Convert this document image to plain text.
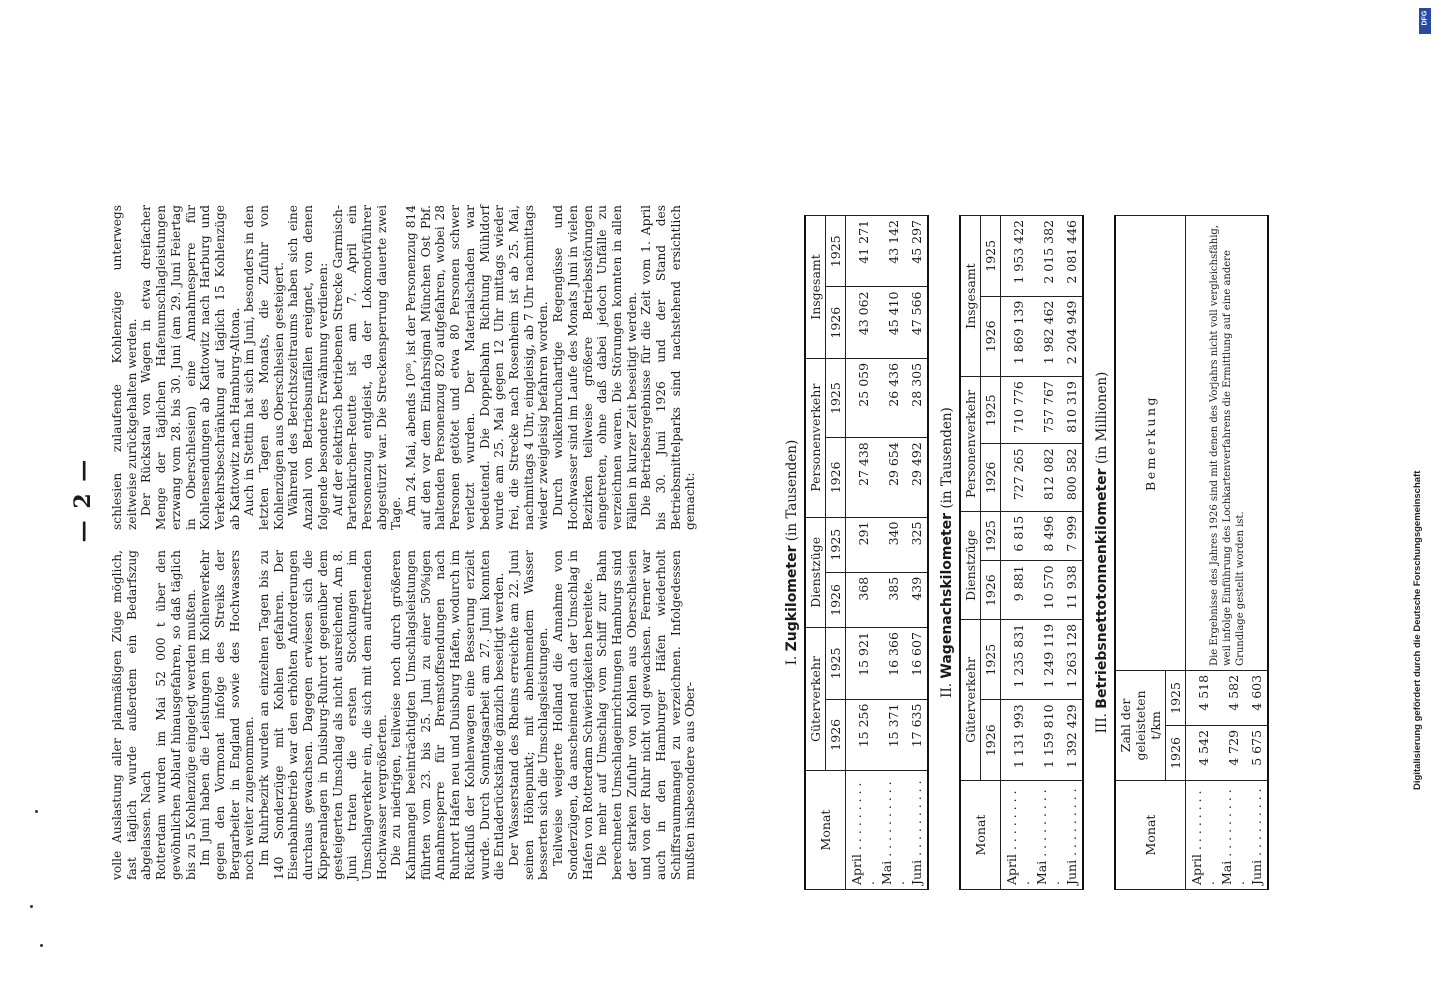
— 2 —

volle Auslastung aller planmäßigen Züge möglich, fast täglich wurde außerdem ein Bedarfszug abgelassen. Nach Rotterdam wurden im Mai 52 000 t über den gewöhnlichen Ablauf hinausgefahren, so daß täglich bis zu 5 Kohlenzüge eingelegt werden mußten. Im Juni haben die Leistungen im Kohlenverkehr gegen den Vormonat infolge des Streiks der Bergarbeiter in England sowie des Hochwassers noch weiter zugenommen. Im Ruhrbezirk wurden an einzelnen Tagen bis zu 140 Sonderzüge mit Kohlen gefahren. Der Eisenbahnbetrieb war den erhöhten Anforderungen durchaus gewachsen. Dagegen erwiesen sich die Kipperanlagen in Duisburg-Ruhrort gegenüber dem gesteigerten Umschlag als nicht ausreichend. Am 8. Juni traten die ersten Stockungen im Umschlagverkehr ein, die sich mit dem auftretenden Hochwasser vergrößerten. Die zu niedrigen, teilweise noch durch größeren Kahnmangel beeinträchtigten Umschlagsleistungen führten vom 23. bis 25. Juni zu einer 50%igen Annahmesperre für Bremstoffsendungen nach Ruhrort Hafen neu und Duisburg Hafen, wodurch im Rückfluß der Kohlenwagen eine Besserung erzielt wurde. Durch Sonntagsarbeit am 27. Juni konnten die Entladerückstände gänzlich beseitigt werden. Der Wasserstand des Rheins erreichte am 22. Juni seinen Höhepunkt; mit abnehmendem Wasser besserten sich die Umschlagsleistungen. Teilweise weigerte Holland die Annahme von Sonderzügen, da anscheinend auch der Umschlag in Hafen von Rotterdam Schwierigkeiten bereitete. Die mehr auf Umschlag vom Schiff zur Bahn berechneten Umschlageinrichtungen Hamburgs sind der starken Zufuhr von Kohlen aus Oberschlesien und von der Ruhr nicht voll gewachsen. Ferner war auch in den Hamburger Häfen wiederholt Schiffsraummangel zu verzeichnen. Infolgedessen mußten insbesondere aus Ober-

schlesien zulaufende Kohlenzüge unterwegs zeitweise zurückgehalten werden. Der Rückstau von Wagen in etwa dreifacher Menge der täglichen Hafenumschlagleistungen erzwang vom 28. bis 30. Juni (am 29. Juni Feiertag in Oberschlesien) eine Annahmesperre für Kohlensendungen ab Kattowitz nach Harburg und Verkehrsbeschränkung auf täglich 15 Kohlenzüge ab Kattowitz nach Hamburg-Altona. Auch in Stettin hat sich im Juni, besonders in den letzten Tagen des Monats, die Zufuhr von Kohlenzügen aus Oberschlesien gesteigert. Während des Berichtszeitraums haben sich eine Anzahl von Betriebsunfällen ereignet, von denen folgende besondere Erwähnung verdienen: Auf der elektrisch betriebenen Strecke Garmisch-Partenkirchen–Reutte ist am 7. April ein Personenzug entgleist, da der Lokomotivführer abgestürzt war. Die Streckensperrung dauerte zwei Tage. Am 24. Mai, abends 10⁵⁰, ist der Personenzug 814 auf den vor dem Einfahrsignal München Ost Pbf. haltenden Personenzug 820 aufgefahren, wobei 28 Personen getötet und etwa 80 Personen schwer verletzt wurden. Der Materialschaden war bedeutend. Die Doppelbahn Richtung Mühldorf wurde am 25. Mai gegen 12 Uhr mittags wieder frei, die Strecke nach Rosenheim ist ab 25. Mai, nachmittags 4 Uhr, eingleisig, ab 7 Uhr nachmittags wieder zweigleisig befahren worden. Durch wolkenbruchartige Regengüsse und Hochwasser sind im Laufe des Monats Juni in vielen Bezirken teilweise größere Betriebsstörungen eingetreten, ohne daß dabei jedoch Unfälle zu verzeichnen waren. Die Störungen konnten in allen Fällen in kurzer Zeit beseitigt werden. Die Betriebsergebnisse für die Zeit vom 1. April bis 30. Juni 1926 und der Stand des Betriebsmittelparks sind nachstehend ersichtlich gemacht:

I. Zugkilometer (in Tausenden)
Monat	Güterverkehr		Dienstzüge		Personenverkehr		Insgesamt	
	1926	1925	1926	1925	1926	1925	1926	1925
April . . . . . . . . . .	15 256	15 921	368	291	27 438	25 059	43 062	41 271
Mai . . . . . . . . . . .	15 371	16 366	385	340	29 654	26 436	45 410	43 142
Juni . . . . . . . . . .	17 635	16 607	439	325	29 492	28 305	47 566	45 297
II. Wagenachskilometer (in Tausenden)
Monat	Güterverkehr		Dienstzüge		Personenverkehr		Insgesamt	
	1926	1925	1926	1925	1926	1925	1926	1925
April . . . . . . . . .	1 131 993	1 235 831	9 881	6 815	727 265	710 776	1 869 139	1 953 422
Mai . . . . . . . . . .	1 159 810	1 249 119	10 570	8 496	812 082	757 767	1 982 462	2 015 382
Juni . . . . . . . . .	1 392 429	1 263 128	11 938	7 999	800 582	810 319	2 204 949	2 081 446
III. Betriebsnettotonnenkilometer (in Millionen)
Monat	Zahl der geleisteten t/km		Bemerkung
	1926	1925	
April . . . . . . . . .	4 542	4 518	Die Ergebnisse des Jahres 1926 sind mit denen des Vorjahrs nicht voll vergleichsfähig, weil infolge Einführung des Lochkartenverfahrens die Ermittlung auf eine andere Grundlage gestellt worden ist.
Mai . . . . . . . . . .	4 729	4 582	
Juni . . . . . . . . .	5 675	4 603	
DFG
Digitalisierung gefördert durch die Deutsche Forschungsgemeinschaft
